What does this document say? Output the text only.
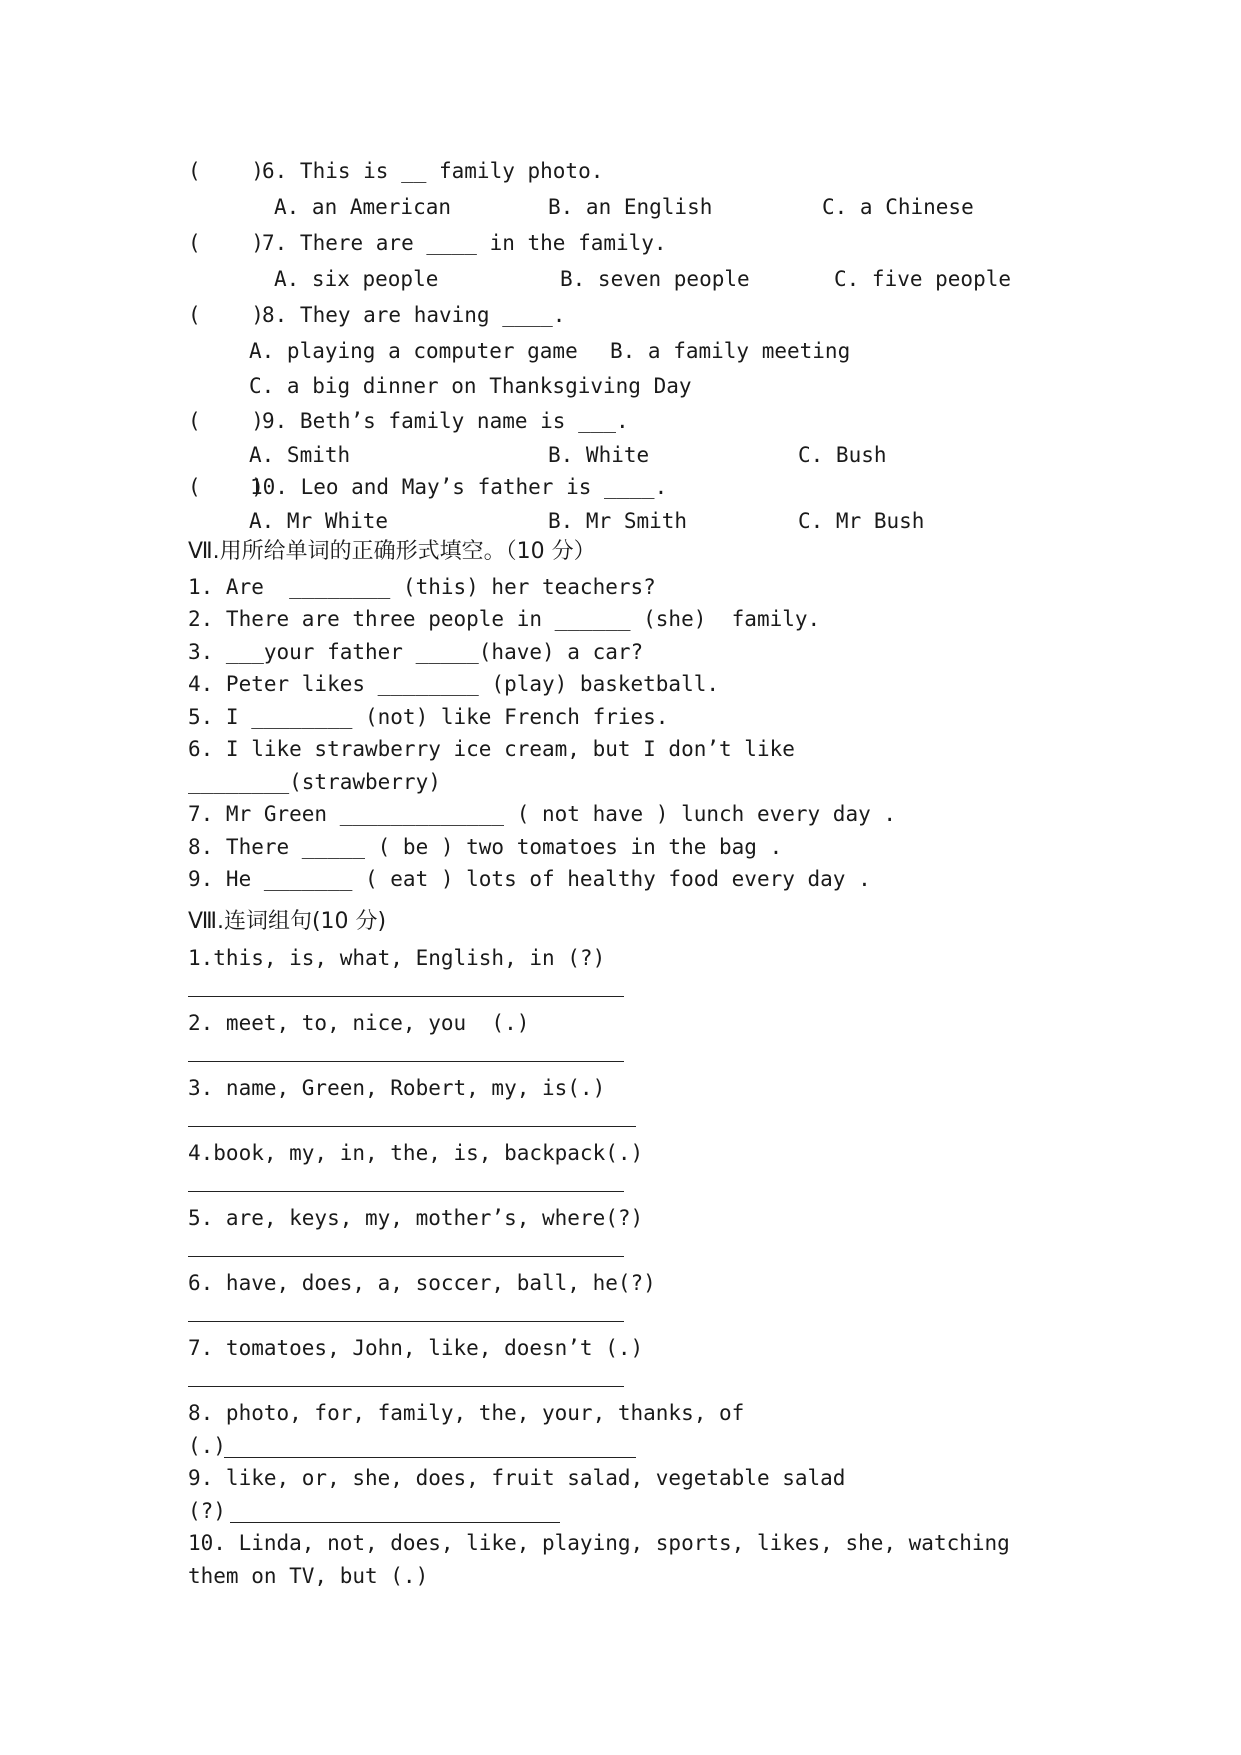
(    )
6. This is __ family photo.
A. an American	B. an English	C. a Chinese
(    )
7. There are ____ in the family.
A. six people	B. seven people	C. five people
(    )
8. They are having ____.
A. playing a computer game B. a family meeting
C. a big dinner on Thanksgiving Day
(    )
9. Beth’s family name is ___.
A. Smith	B. White	C. Bush
(    )
10. Leo and May’s father is ____.
A. Mr White	B. Mr Smith	C. Mr Bush
Ⅶ.用所给单词的正确形式填空。（10 分）
1. Are  ________ (this) her teachers?
2. There are three people in ______ (she)  family.
3. ___your father _____(have) a car?
4. Peter likes ________ (play) basketball.
5. I ________ (not) like French fries.
6. I like strawberry ice cream, but I don’t like
________(strawberry)
7. Mr Green _____________ ( not have ) lunch every day .
8. There _____ ( be ) two tomatoes in the bag .
9. He _______ ( eat ) lots of healthy food every day .
Ⅷ.连词组句(10 分)
1.this, is, what, English, in (?)
2. meet, to, nice, you  (.)
3. name, Green, Robert, my, is(.)
4.book, my, in, the, is, backpack(.)
5. are, keys, my, mother’s, where(?)
6. have, does, a, soccer, ball, he(?)
7. tomatoes, John, like, doesn’t (.)
8. photo, for, family, the, your, thanks, of
(.)
9. like, or, she, does, fruit salad, vegetable salad
(?)
10. Linda, not, does, like, playing, sports, likes, she, watching
them on TV, but (.)
